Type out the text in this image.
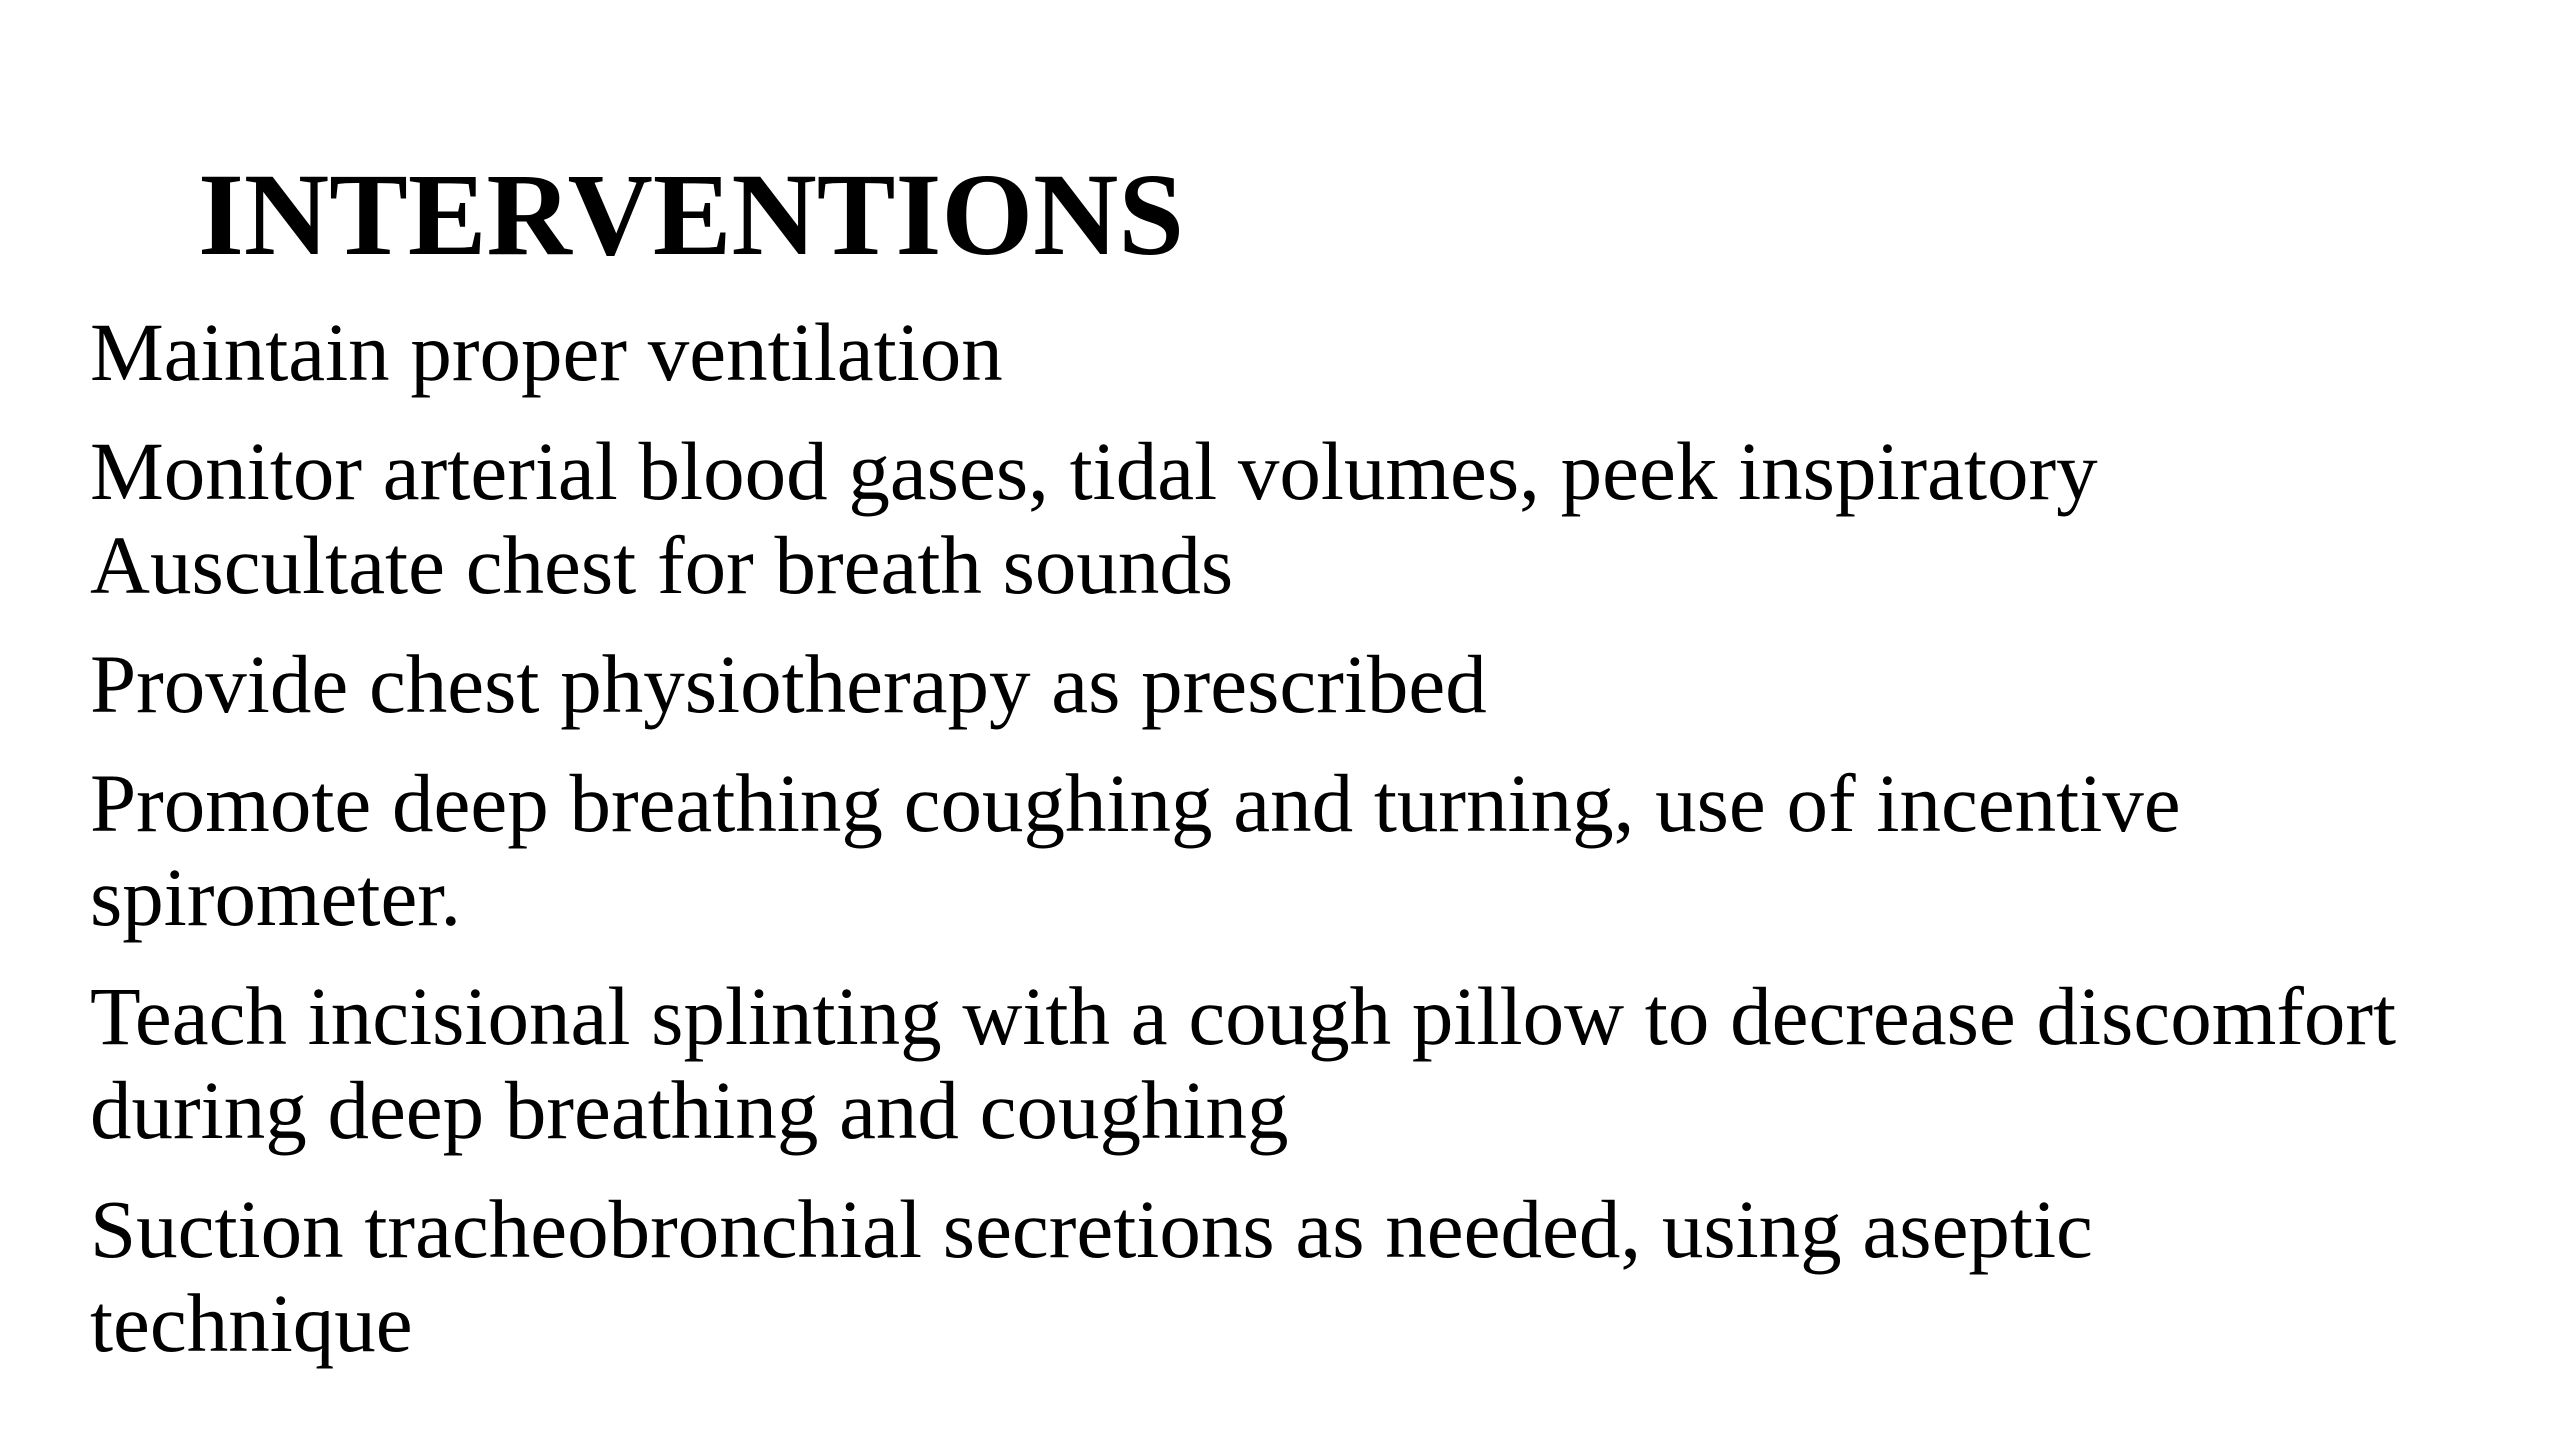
INTERVENTIONS
Maintain proper ventilation
Monitor arterial blood gases, tidal volumes, peek inspiratory
Auscultate chest for breath sounds
Provide chest physiotherapy as prescribed
Promote deep breathing coughing and turning, use of incentive
spirometer.
Teach incisional splinting with a cough pillow to decrease discomfort
during deep breathing and coughing
Suction tracheobronchial secretions as needed, using aseptic
technique
